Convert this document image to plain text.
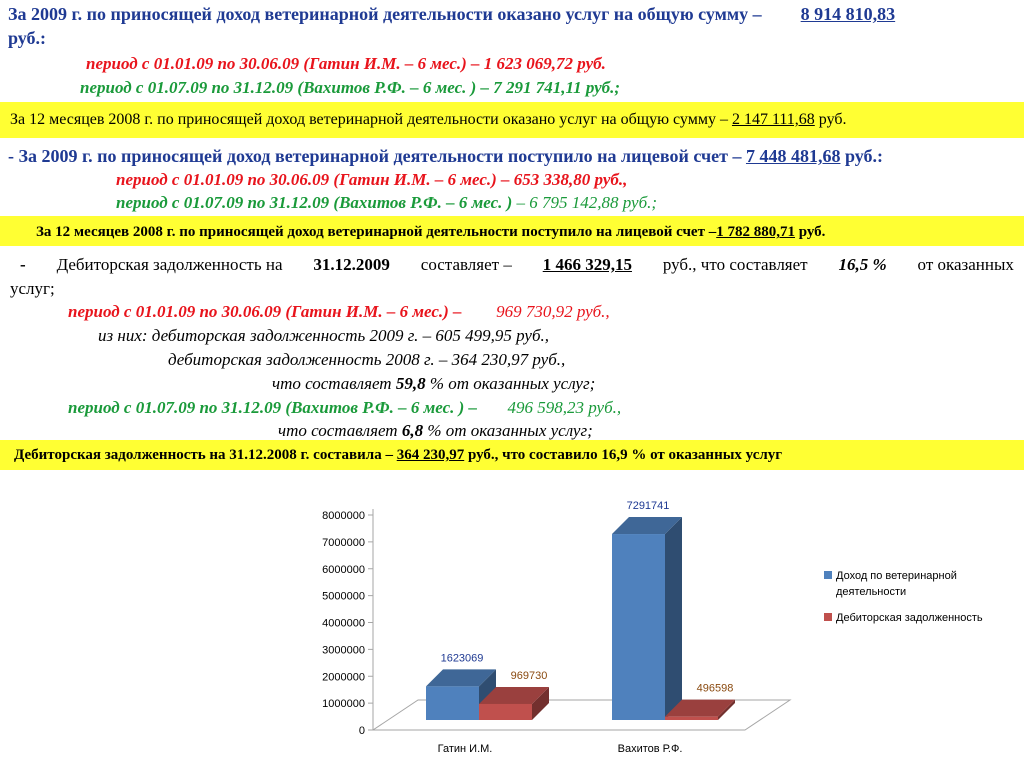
За 2009 г. по приносящей доход ветеринарной деятельности оказано услуг на общую сумму – 8 914 810,83
руб.:
период с 01.01.09 по 30.06.09 (Гатин И.М. – 6 мес.) – 1 623 069,72 руб.
период с 01.07.09 по 31.12.09 (Вахитов Р.Ф. – 6 мес. ) – 7 291 741,11 руб.;
За 12 месяцев 2008 г. по приносящей доход ветеринарной деятельности оказано услуг на общую сумму – 2 147 111,68 руб.
- За 2009 г. по приносящей доход ветеринарной деятельности поступило на лицевой счет – 7 448 481,68 руб.:
период с 01.01.09 по 30.06.09 (Гатин И.М. – 6 мес.) – 653 338,80 руб.,
период с 01.07.09 по 31.12.09 (Вахитов Р.Ф. – 6 мес. ) – 6 795 142,88 руб.;
За 12 месяцев 2008 г. по приносящей доход ветеринарной деятельности поступило на лицевой счет –1 782 880,71 руб.
- Дебиторская задолженность на 31.12.2009 составляет – 1 466 329,15 руб., что составляет 16,5 % от оказанных
услуг;
период с 01.01.09 по 30.06.09 (Гатин И.М. – 6 мес.) – 969 730,92 руб.,
из них: дебиторская задолженность 2009 г. – 605 499,95 руб.,
дебиторская задолженность 2008 г. – 364 230,97 руб.,
что составляет 59,8 % от оказанных услуг;
период с 01.07.09 по 31.12.09 (Вахитов Р.Ф. – 6 мес. ) – 496 598,23 руб.,
что составляет 6,8 % от оказанных услуг;
Дебиторская задолженность на 31.12.2008 г. составила – 364 230,97 руб., что составило 16,9 % от оказанных услуг
0
1000000
2000000
3000000
4000000
5000000
6000000
7000000
8000000
1623069
7291741
969730
496598
Гатин И.М.	Вахитов Р.Ф.
Доход по ветеринарной
деятельности
Дебиторская задолженность
